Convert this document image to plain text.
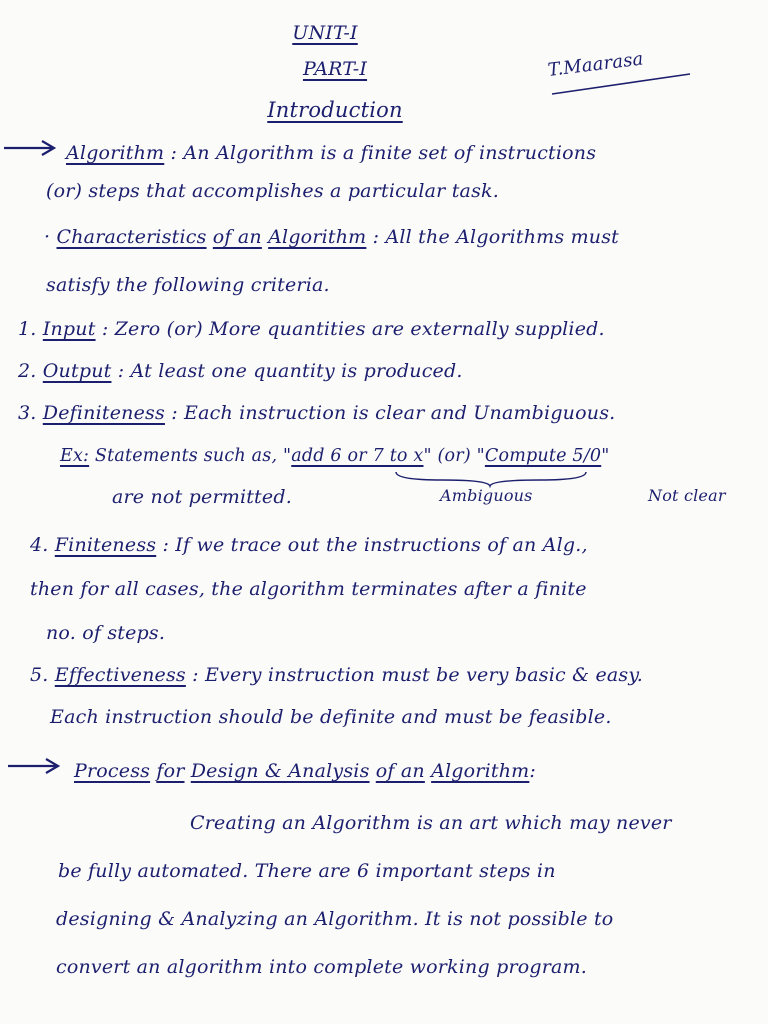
UNIT-I
PART-I
Introduction
T.Maarasa
Algorithm : An Algorithm is a finite set of instructions
(or) steps that accomplishes a particular task.
· Characteristics of an Algorithm : All the Algorithms must
satisfy the following criteria.
1. Input : Zero (or) More quantities are externally supplied.
2. Output : At least one quantity is produced.
3. Definiteness : Each instruction is clear and Unambiguous.
Ex: Statements such as, "add 6 or 7 to x" (or) "Compute 5/0"
are not permitted.	Ambiguous	Not clear
4. Finiteness : If we trace out the instructions of an Alg.,
then for all cases, the algorithm terminates after a finite
no. of steps.
5. Effectiveness : Every instruction must be very basic & easy.
Each instruction should be definite and must be feasible.
Process for Design & Analysis of an Algorithm:
Creating an Algorithm is an art which may never
be fully automated. There are 6 important steps in
designing & Analyzing an Algorithm. It is not possible to
convert an algorithm into complete working program.
